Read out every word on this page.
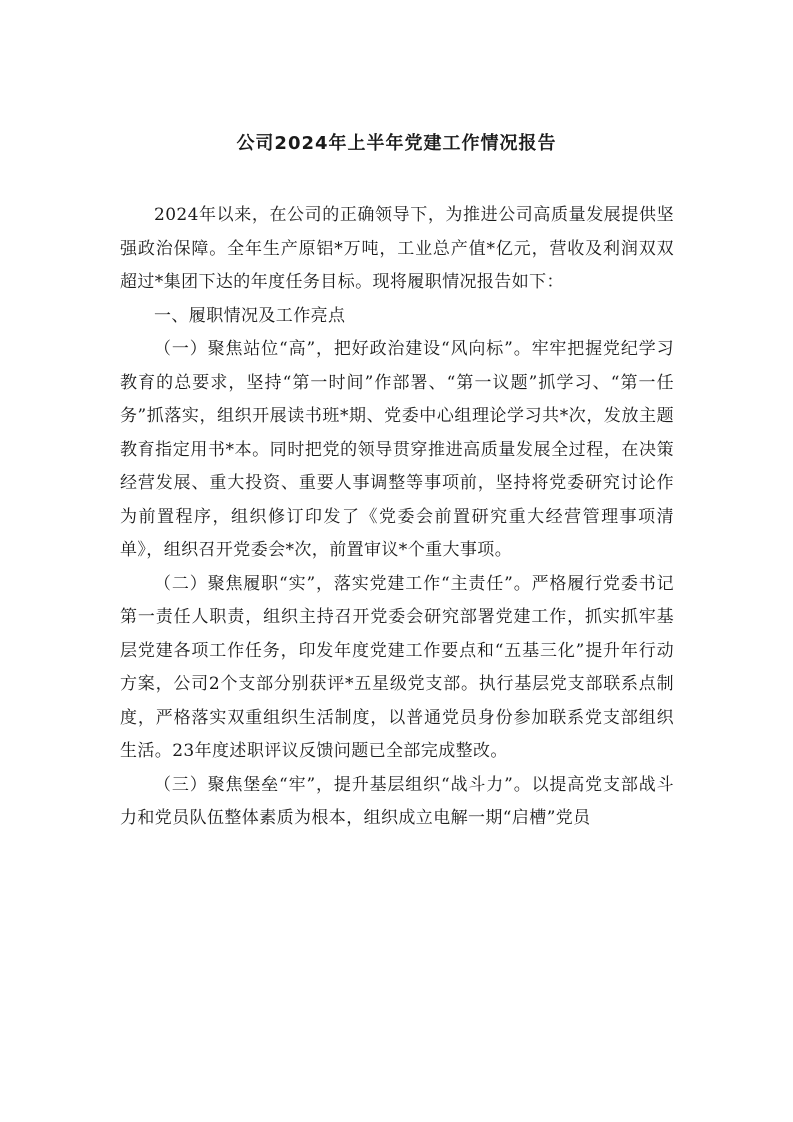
公司2024年上半年党建工作情况报告

2024年以来，在公司的正确领导下，为推进公司高质量发展提供坚强政治保障。全年生产原铝*万吨，工业总产值*亿元，营收及利润双双超过*集团下达的年度任务目标。现将履职情况报告如下：

一、履职情况及工作亮点

（一）聚焦站位“高”，把好政治建设“风向标”。牢牢把握党纪学习教育的总要求，坚持“第一时间”作部署、“第一议题”抓学习、“第一任务”抓落实，组织开展读书班*期、党委中心组理论学习共*次，发放主题教育指定用书*本。同时把党的领导贯穿推进高质量发展全过程，在决策经营发展、重大投资、重要人事调整等事项前，坚持将党委研究讨论作为前置程序，组织修订印发了《党委会前置研究重大经营管理事项清单》，组织召开党委会*次，前置审议*个重大事项。

（二）聚焦履职“实”，落实党建工作“主责任”。严格履行党委书记第一责任人职责，组织主持召开党委会研究部署党建工作，抓实抓牢基层党建各项工作任务，印发年度党建工作要点和“五基三化”提升年行动方案，公司2个支部分别获评*五星级党支部。执行基层党支部联系点制度，严格落实双重组织生活制度，以普通党员身份参加联系党支部组织生活。23年度述职评议反馈问题已全部完成整改。

（三）聚焦堡垒“牢”，提升基层组织“战斗力”。以提高党支部战斗力和党员队伍整体素质为根本，组织成立电解一期“启槽”党员
